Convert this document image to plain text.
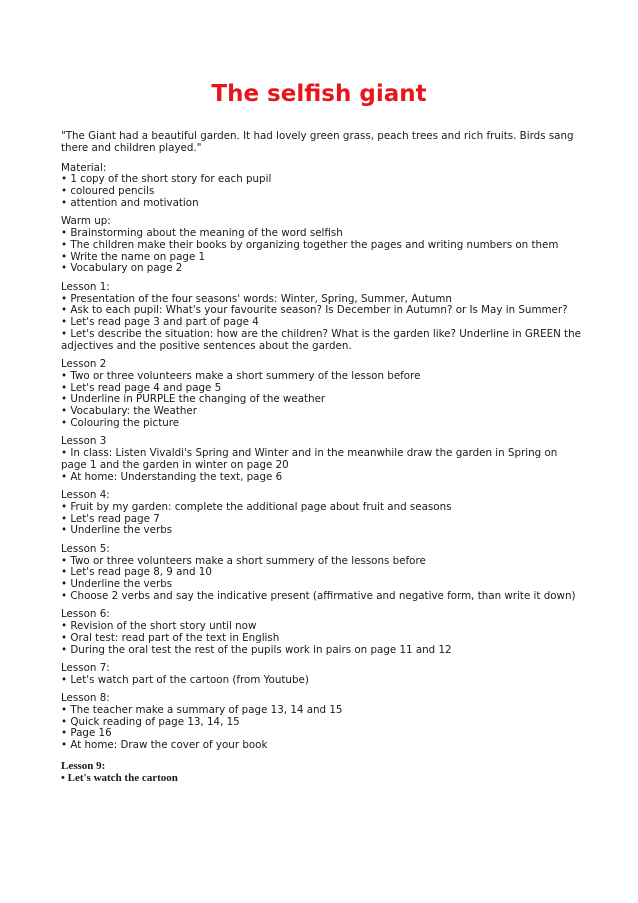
The selfish giant

"The Giant had a beautiful garden. It had lovely green grass, peach trees and rich fruits. Birds sang there and children played."

Material:

• 1 copy of the short story for each pupil

• coloured pencils

• attention and motivation

Warm up:

• Brainstorming about the meaning of the word selfish

• The children make their books by organizing together the pages and writing numbers on them

• Write the name on page 1

• Vocabulary on page 2

Lesson 1:

• Presentation of the four seasons' words: Winter, Spring, Summer, Autumn

• Ask to each pupil: What's your favourite season? Is December in Autumn? or Is May in Summer?

• Let's read page 3 and part of page 4

• Let's describe the situation: how are the children? What is the garden like? Underline in GREEN the adjectives and the positive sentences about the garden.

Lesson 2

• Two or three volunteers make a short summery of the lesson before

• Let's read page 4 and page 5

• Underline in PURPLE the changing of the weather

• Vocabulary: the Weather

• Colouring the picture

Lesson 3

• In class: Listen Vivaldi's Spring and Winter and in the meanwhile draw the garden in Spring on page 1 and the garden in winter on page 20

• At home: Understanding the text, page 6

Lesson 4:

• Fruit by my garden: complete the additional page about fruit and seasons

• Let's read page 7

• Underline the verbs

Lesson 5:

• Two or three volunteers make a short summery of the lessons before

• Let's read page 8, 9 and 10

• Underline the verbs

• Choose 2 verbs and say the indicative present (affirmative and negative form, than write it down)

Lesson 6:

• Revision of the short story until now

• Oral test: read part of the text in English

• During the oral test the rest of the pupils work in pairs on page 11 and 12

Lesson 7:

• Let's watch part of the cartoon (from Youtube)

Lesson 8:

• The teacher make a summary of page 13, 14 and 15

• Quick reading of page 13, 14, 15

• Page 16

• At home: Draw the cover of your book

Lesson 9:

• Let's watch the cartoon
